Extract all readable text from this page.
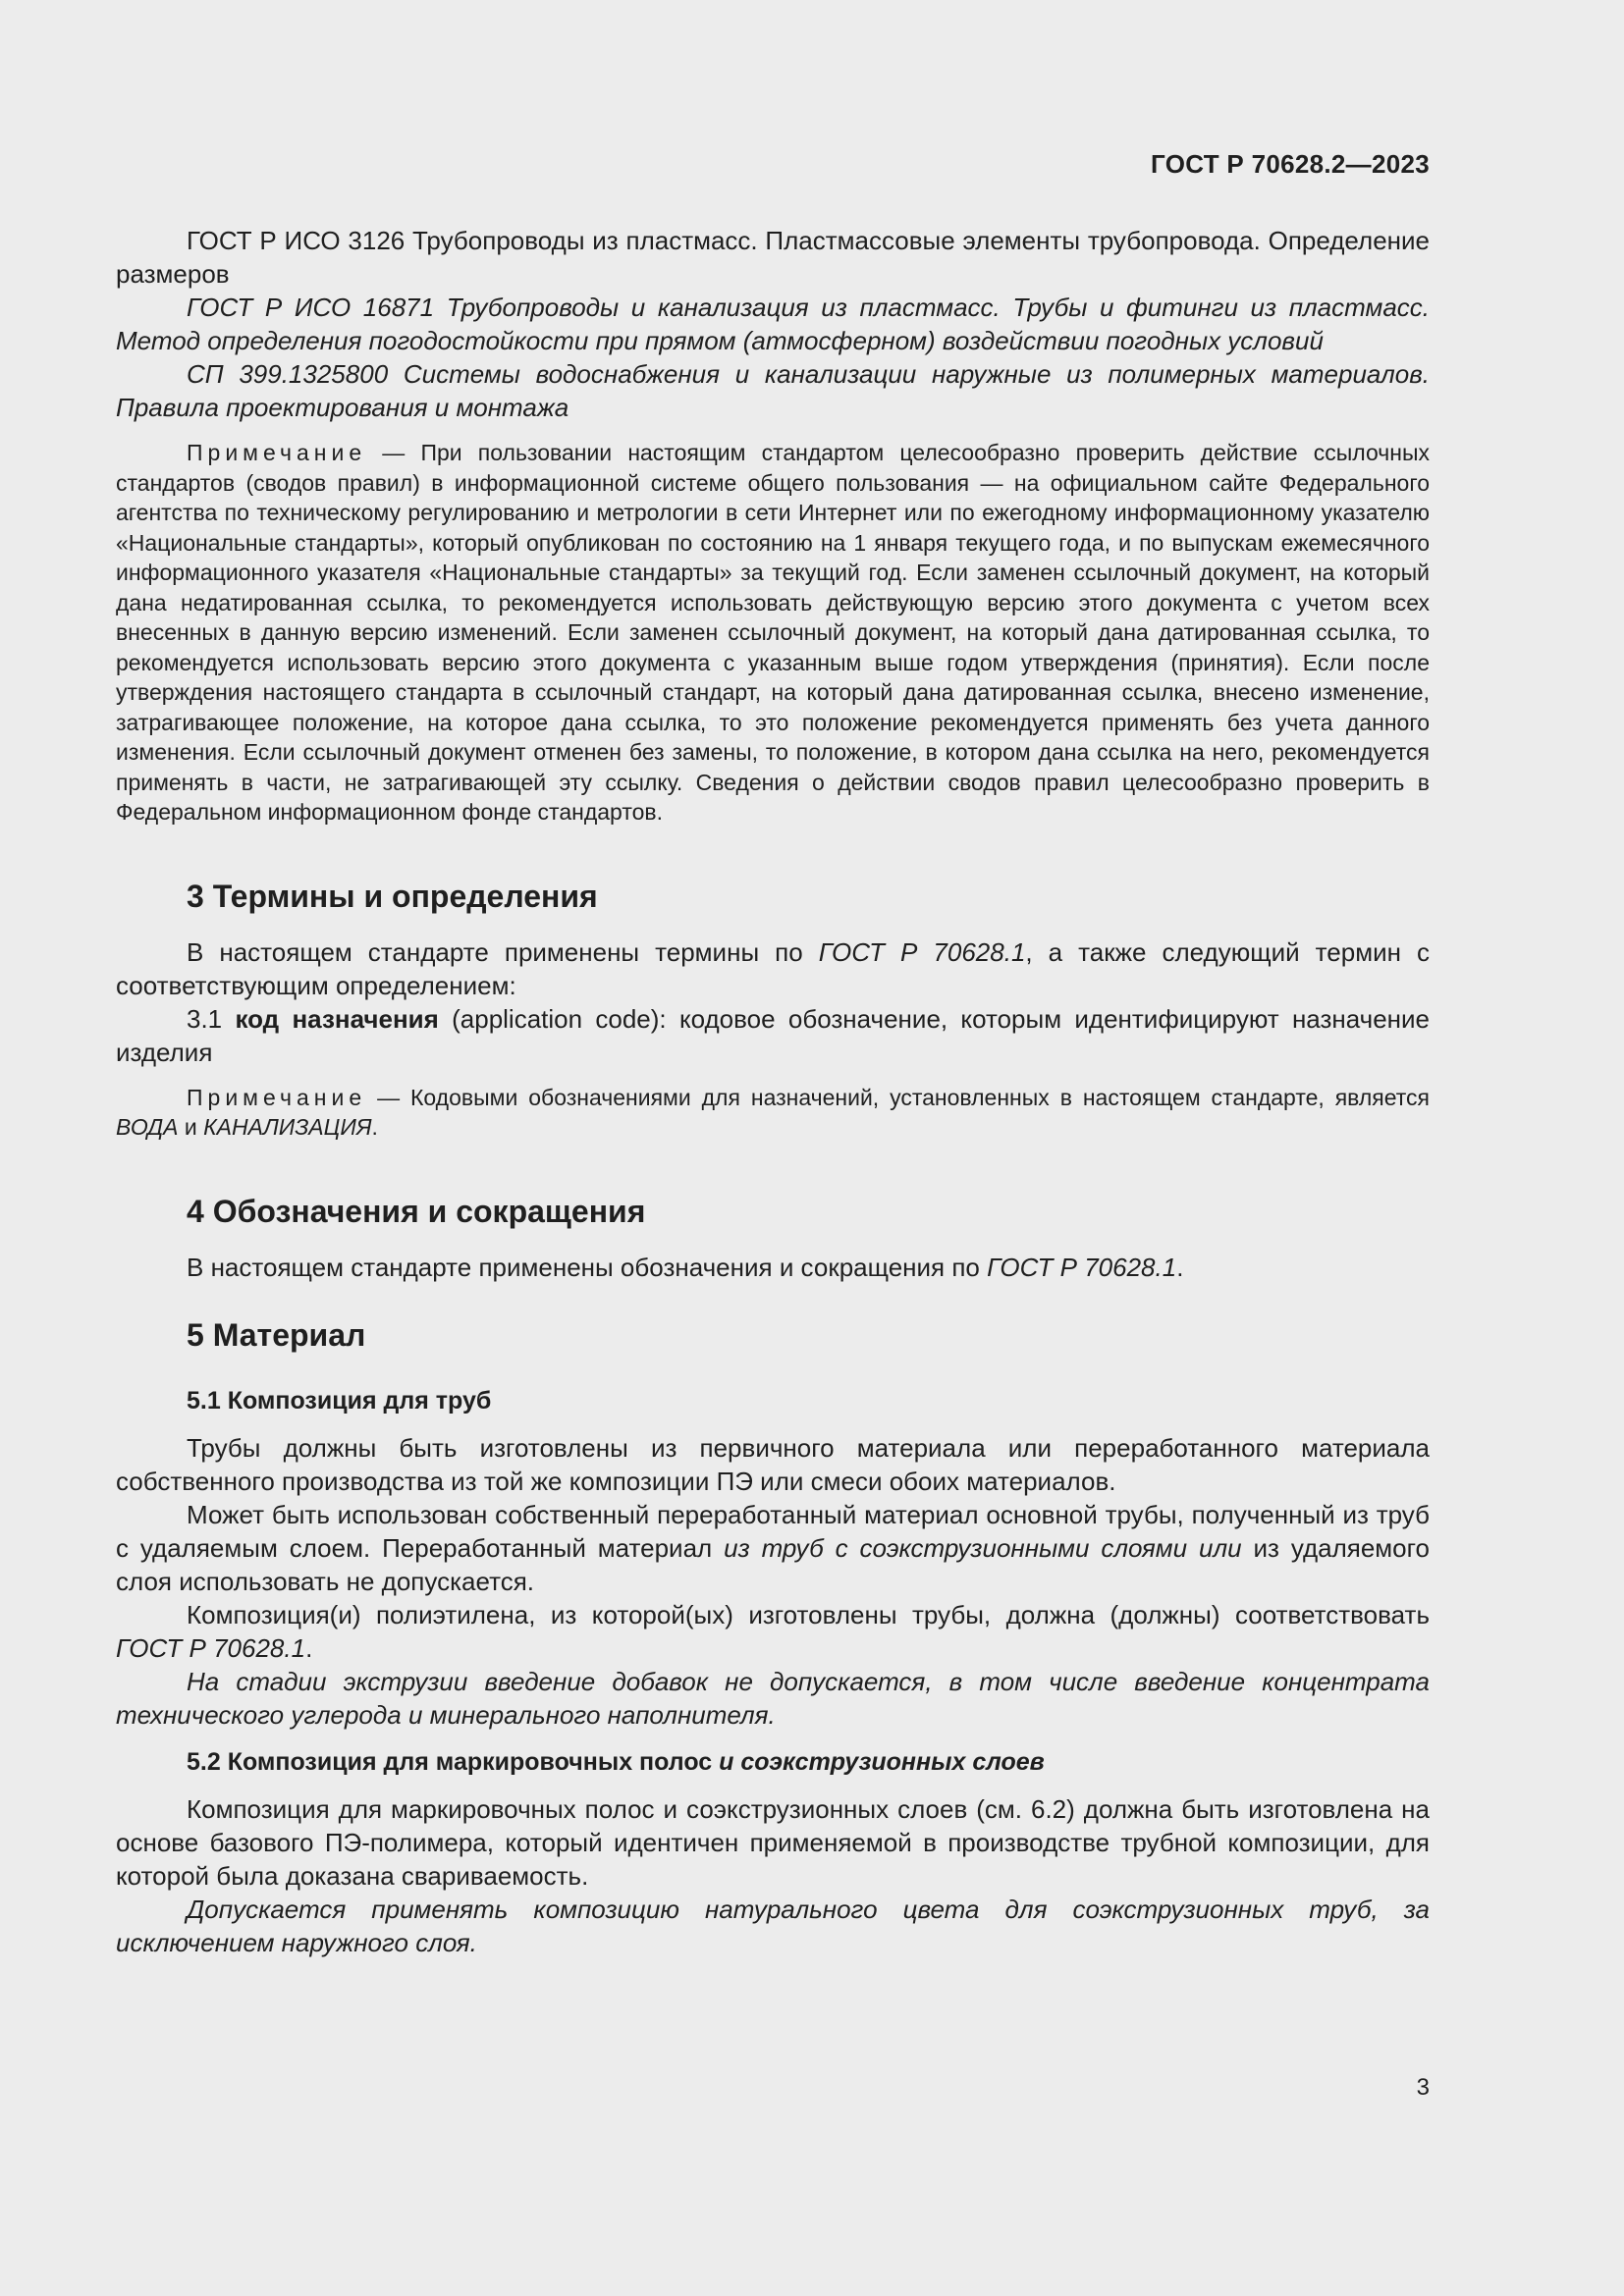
ГОСТ Р 70628.2—2023

ГОСТ Р ИСО 3126 Трубопроводы из пластмасс. Пластмассовые элементы трубопровода. Определение размеров

ГОСТ Р ИСО 16871 Трубопроводы и канализация из пластмасс. Трубы и фитинги из пластмасс. Метод определения погодостойкости при прямом (атмосферном) воздействии погодных условий

СП 399.1325800 Системы водоснабжения и канализации наружные из полимерных материалов. Правила проектирования и монтажа

Примечание — При пользовании настоящим стандартом целесообразно проверить действие ссылочных стандартов (сводов правил) в информационной системе общего пользования — на официальном сайте Федерального агентства по техническому регулированию и метрологии в сети Интернет или по ежегодному информационному указателю «Национальные стандарты», который опубликован по состоянию на 1 января текущего года, и по выпускам ежемесячного информационного указателя «Национальные стандарты» за текущий год. Если заменен ссылочный документ, на который дана недатированная ссылка, то рекомендуется использовать действующую версию этого документа с учетом всех внесенных в данную версию изменений. Если заменен ссылочный документ, на который дана датированная ссылка, то рекомендуется использовать версию этого документа с указанным выше годом утверждения (принятия). Если после утверждения настоящего стандарта в ссылочный стандарт, на который дана датированная ссылка, внесено изменение, затрагивающее положение, на которое дана ссылка, то это положение рекомендуется применять без учета данного изменения. Если ссылочный документ отменен без замены, то положение, в котором дана ссылка на него, рекомендуется применять в части, не затрагивающей эту ссылку. Сведения о действии сводов правил целесообразно проверить в Федеральном информационном фонде стандартов.

3 Термины и определения

В настоящем стандарте применены термины по ГОСТ Р 70628.1, а также следующий термин с соответствующим определением:

3.1 код назначения (application code): кодовое обозначение, которым идентифицируют назначение изделия

Примечание — Кодовыми обозначениями для назначений, установленных в настоящем стандарте, является ВОДА и КАНАЛИЗАЦИЯ.

4 Обозначения и сокращения

В настоящем стандарте применены обозначения и сокращения по ГОСТ Р 70628.1.

5 Материал
5.1 Композиция для труб

Трубы должны быть изготовлены из первичного материала или переработанного материала собственного производства из той же композиции ПЭ или смеси обоих материалов.

Может быть использован собственный переработанный материал основной трубы, полученный из труб с удаляемым слоем. Переработанный материал из труб с соэкструзионными слоями или из удаляемого слоя использовать не допускается.

Композиция(и) полиэтилена, из которой(ых) изготовлены трубы, должна (должны) соответствовать ГОСТ Р 70628.1.

На стадии экструзии введение добавок не допускается, в том числе введение концентрата технического углерода и минерального наполнителя.

5.2 Композиция для маркировочных полос и соэкструзионных слоев

Композиция для маркировочных полос и соэкструзионных слоев (см. 6.2) должна быть изготовлена на основе базового ПЭ-полимера, который идентичен применяемой в производстве трубной композиции, для которой была доказана свариваемость.

Допускается применять композицию натурального цвета для соэкструзионных труб, за исключением наружного слоя.

3
